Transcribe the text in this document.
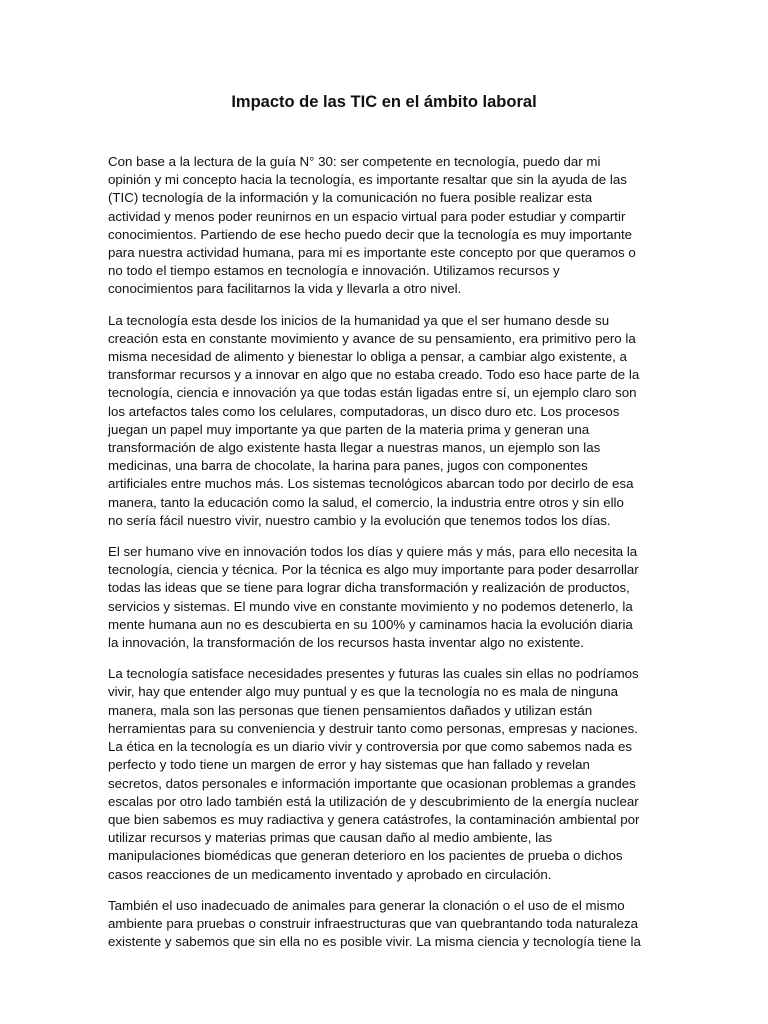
Impacto de las TIC en el ámbito laboral

Con base a la lectura de la guía N° 30: ser competente en tecnología, puedo dar mi
opinión y mi concepto hacia la tecnología, es importante resaltar que sin la ayuda de las
(TIC) tecnología de la información y la comunicación no fuera posible realizar esta
actividad y menos poder reunirnos en un espacio virtual para poder estudiar y compartir
conocimientos. Partiendo de ese hecho puedo decir que la tecnología es muy importante
para nuestra actividad humana, para mi es importante este concepto por que queramos o
no todo el tiempo estamos en tecnología e innovación. Utilizamos recursos y
conocimientos para facilitarnos la vida y llevarla a otro nivel.

La tecnología esta desde los inicios de la humanidad ya que el ser humano desde su
creación esta en constante movimiento y avance de su pensamiento, era primitivo pero la
misma necesidad de alimento y bienestar lo obliga a pensar, a cambiar algo existente, a
transformar recursos y a innovar en algo que no estaba creado. Todo eso hace parte de la
tecnología, ciencia e innovación ya que todas están ligadas entre sí, un ejemplo claro son
los artefactos tales como los celulares, computadoras, un disco duro etc. Los procesos
juegan un papel muy importante ya que parten de la materia prima y generan una
transformación de algo existente hasta llegar a nuestras manos, un ejemplo son las
medicinas, una barra de chocolate, la harina para panes, jugos con componentes
artificiales entre muchos más. Los sistemas tecnológicos abarcan todo por decirlo de esa
manera, tanto la educación como la salud, el comercio, la industria entre otros y sin ello
no sería fácil nuestro vivir, nuestro cambio y la evolución que tenemos todos los días.

El ser humano vive en innovación todos los días y quiere más y más, para ello necesita la
tecnología, ciencia y técnica. Por la técnica es algo muy importante para poder desarrollar
todas las ideas que se tiene para lograr dicha transformación y realización de productos,
servicios y sistemas. El mundo vive en constante movimiento y no podemos detenerlo, la
mente humana aun no es descubierta en su 100% y caminamos hacia la evolución diaria
la innovación, la transformación de los recursos hasta inventar algo no existente.

La tecnología satisface necesidades presentes y futuras las cuales sin ellas no podríamos
vivir, hay que entender algo muy puntual y es que la tecnología no es mala de ninguna
manera, mala son las personas que tienen pensamientos dañados y utilizan están
herramientas para su conveniencia y destruir tanto como personas, empresas y naciones.
La ética en la tecnología es un diario vivir y controversia por que como sabemos nada es
perfecto y todo tiene un margen de error y hay sistemas que han fallado y revelan
secretos, datos personales e información importante que ocasionan problemas a grandes
escalas por otro lado también está la utilización de y descubrimiento de la energía nuclear
que bien sabemos es muy radiactiva y genera catástrofes, la contaminación ambiental por
utilizar recursos y materias primas que causan daño al medio ambiente, las
manipulaciones biomédicas que generan deterioro en los pacientes de prueba o dichos
casos reacciones de un medicamento inventado y aprobado en circulación.

También el uso inadecuado de animales para generar la clonación o el uso de el mismo
ambiente para pruebas o construir infraestructuras que van quebrantando toda naturaleza
existente y sabemos que sin ella no es posible vivir. La misma ciencia y tecnología tiene la
